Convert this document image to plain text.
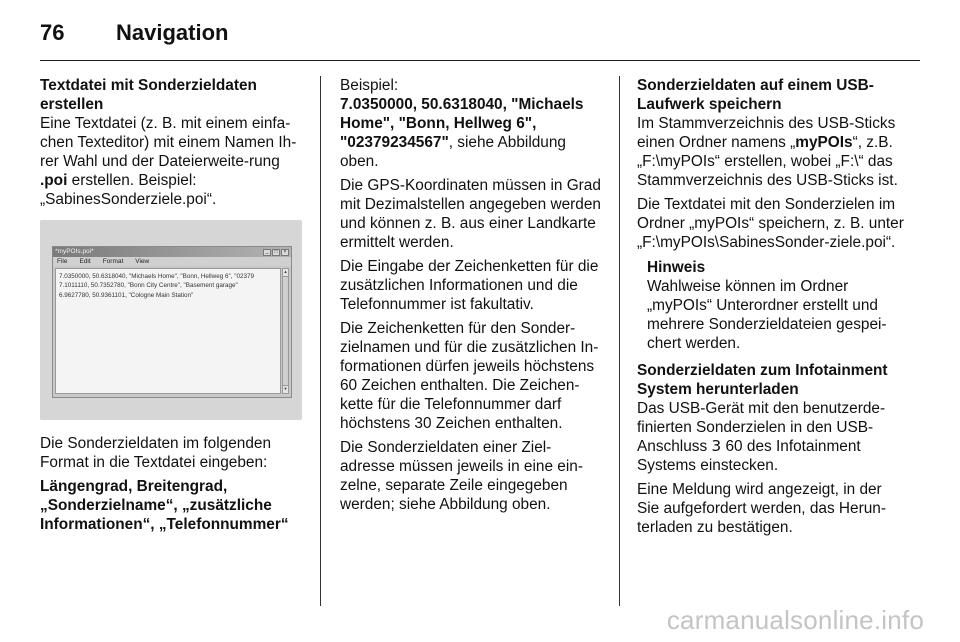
76	Navigation

Textdatei mit Sonderzieldaten erstellen

Eine Textdatei (z. B. mit einem einfa-chen Texteditor) mit einem Namen Ih-rer Wahl und der Dateierweite-rung .poi erstellen. Beispiel: „SabinesSonderziele.poi“.

*myPOIs.poi*	_	□	×
File Edit Format View
7.0350000, 50.6318040, "Michaels Home", "Bonn, Hellweg 6", "02379
7.1011110, 50.7352780, "Bonn City Centre", "Basement garage"
6.9627780, 50.9361101, "Cologne Main Station"
▲
▼

Die Sonderzieldaten im folgenden Format in die Textdatei eingeben:

Längengrad, Breitengrad, „Sonderzielname“, „zusätzliche Informationen“, „Telefonnummer“

Beispiel:
7.0350000, 50.6318040, "Michaels Home", "Bonn, Hellweg 6", "02379234567", siehe Abbildung oben.

Die GPS-Koordinaten müssen in Grad mit Dezimalstellen angegeben werden und können z. B. aus einer Landkarte ermittelt werden.

Die Eingabe der Zeichenketten für die zusätzlichen Informationen und die Telefonnummer ist fakultativ.

Die Zeichenketten für den Sonder-zielnamen und für die zusätzlichen In-formationen dürfen jeweils höchstens 60 Zeichen enthalten. Die Zeichen-kette für die Telefonnummer darf höchstens 30 Zeichen enthalten.

Die Sonderzieldaten einer Ziel-adresse müssen jeweils in eine ein-zelne, separate Zeile eingegeben werden; siehe Abbildung oben.

Sonderzieldaten auf einem USB-Laufwerk speichern

Im Stammverzeichnis des USB-Sticks einen Ordner namens „myPOIs“, z.B. „F:\myPOIs“ erstellen, wobei „F:\“ das Stammverzeichnis des USB-Sticks ist.

Die Textdatei mit den Sonderzielen im Ordner „myPOIs“ speichern, z. B. unter „F:\myPOIs\SabinesSonder-ziele.poi“.

Hinweis
Wahlweise können im Ordner „myPOIs“ Unterordner erstellt und mehrere Sonderzieldateien gespei-chert werden.

Sonderzieldaten zum Infotainment System herunterladen

Das USB-Gerät mit den benutzerde-finierten Sonderzielen in den USB-Anschluss 3 60 des Infotainment Systems einstecken.

Eine Meldung wird angezeigt, in der Sie aufgefordert werden, das Herun-terladen zu bestätigen.

carmanualsonline.info
